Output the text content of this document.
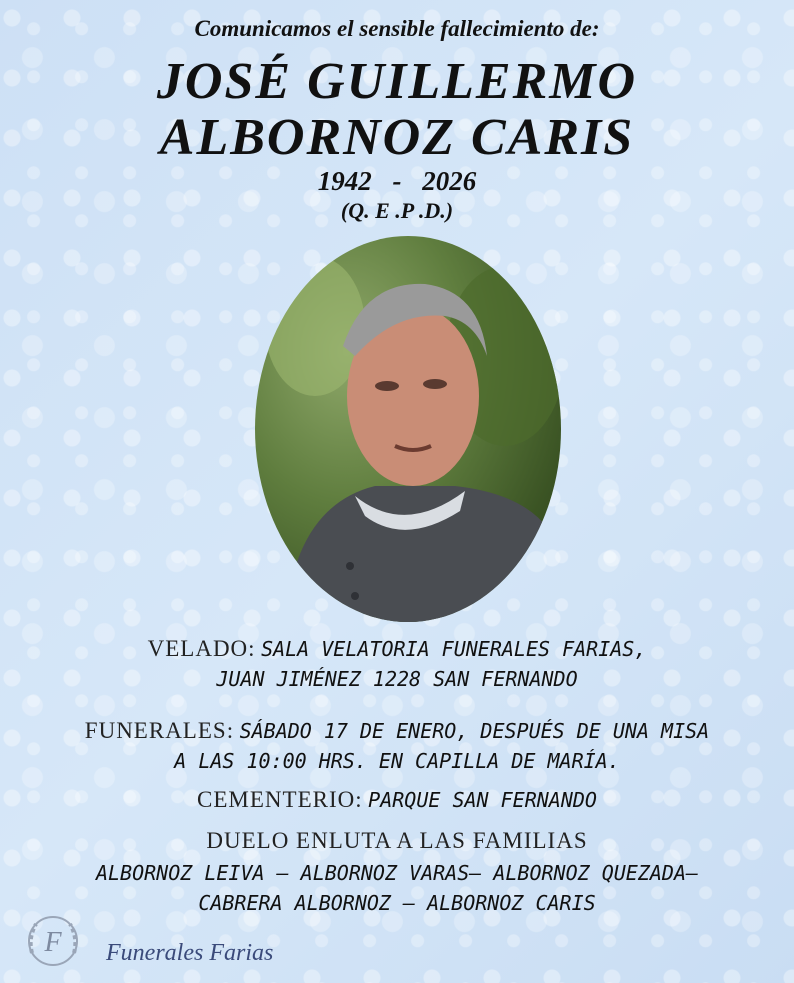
Comunicamos el sensible fallecimiento de:
JOSÉ GUILLERMO
ALBORNOZ CARIS
1942 - 2026
(Q. E .P .D.)
VELADO: SALA VELATORIA FUNERALES FARIAS,
JUAN JIMÉNEZ 1228 SAN FERNANDO
FUNERALES: SÁBADO 17 DE ENERO, DESPUÉS DE UNA MISA
A LAS 10:00 HRS. EN CAPILLA DE MARÍA.
CEMENTERIO: PARQUE SAN FERNANDO
DUELO ENLUTA A LAS FAMILIAS
ALBORNOZ LEIVA – ALBORNOZ VARAS– ALBORNOZ QUEZADA–
CABRERA ALBORNOZ – ALBORNOZ CARIS
F Funerales Farias
